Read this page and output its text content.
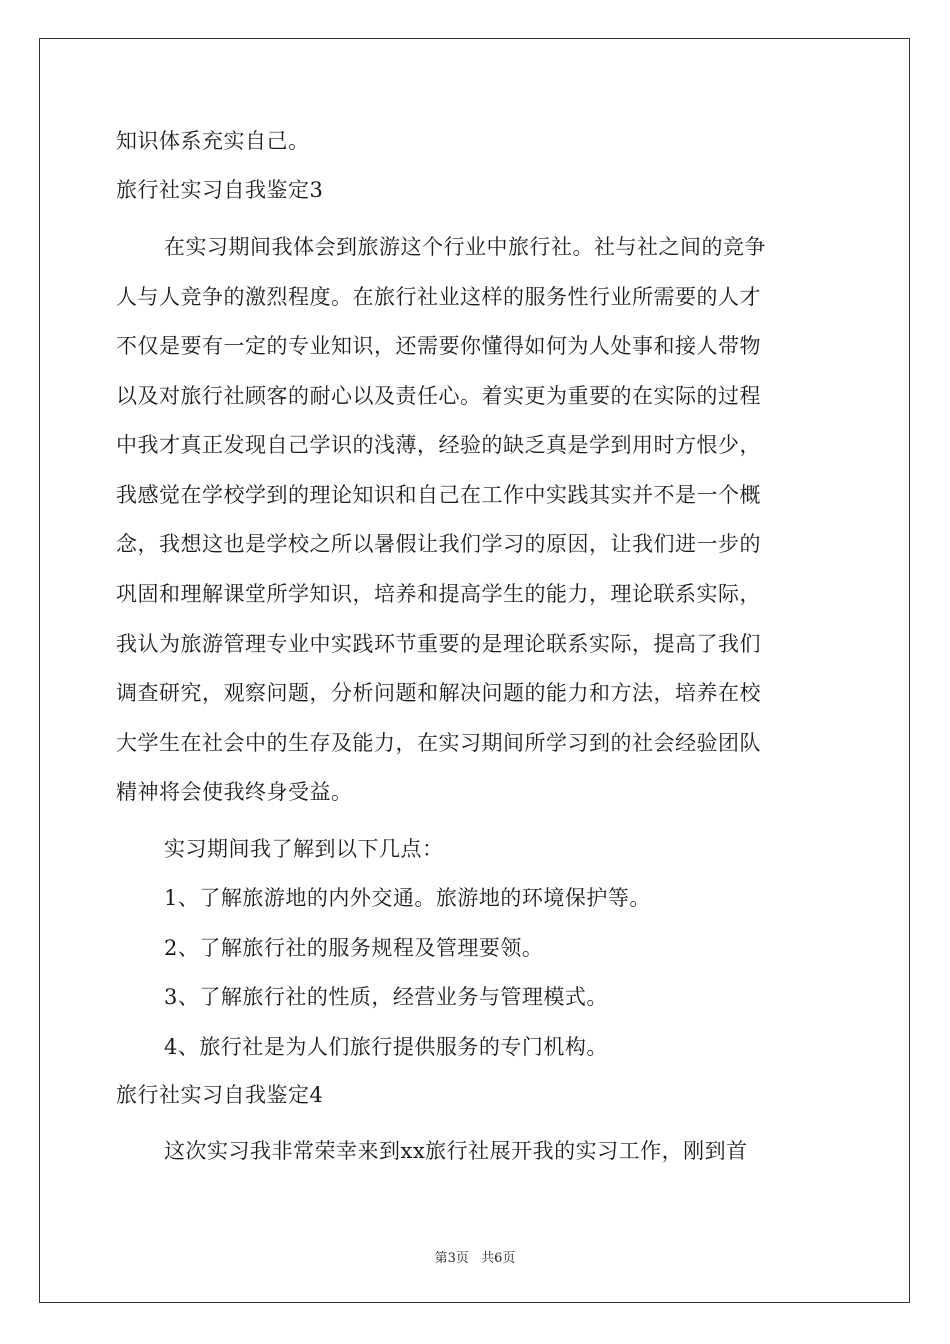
知识体系充实自己。
旅行社实习自我鉴定3
在实习期间我体会到旅游这个行业中旅行社。社与社之间的竞争
人与人竞争的激烈程度。在旅行社业这样的服务性行业所需要的人才
不仅是要有一定的专业知识，还需要你懂得如何为人处事和接人带物
以及对旅行社顾客的耐心以及责任心。着实更为重要的在实际的过程
中我才真正发现自己学识的浅薄，经验的缺乏真是学到用时方恨少，
我感觉在学校学到的理论知识和自己在工作中实践其实并不是一个概
念，我想这也是学校之所以暑假让我们学习的原因，让我们进一步的
巩固和理解课堂所学知识，培养和提高学生的能力，理论联系实际，
我认为旅游管理专业中实践环节重要的是理论联系实际，提高了我们
调查研究，观察问题，分析问题和解决问题的能力和方法，培养在校
大学生在社会中的生存及能力，在实习期间所学习到的社会经验团队
精神将会使我终身受益。
实习期间我了解到以下几点：
1、了解旅游地的内外交通。旅游地的环境保护等。
2、了解旅行社的服务规程及管理要领。
3、了解旅行社的性质，经营业务与管理模式。
4、旅行社是为人们旅行提供服务的专门机构。
旅行社实习自我鉴定4
这次实习我非常荣幸来到xx旅行社展开我的实习工作，刚到首
第3页 共6页
